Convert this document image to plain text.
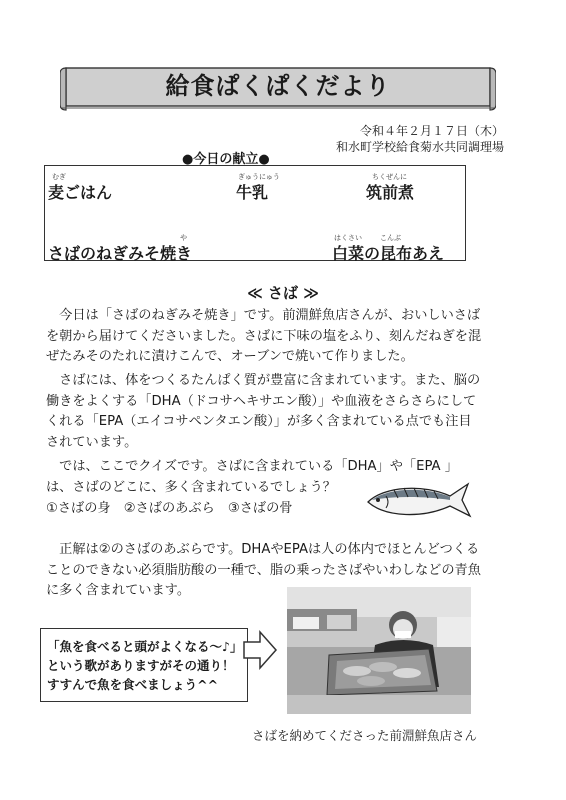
給食ぱくぱくだより
令和４年２月１７日（木）
和水町学校給食菊水共同調理場
●今日の献立●
むぎ
麦ごはん
ぎゅうにゅう
牛乳
ちくぜんに
筑前煮
や
さばのねぎみそ焼き
はくさい	こんぶ
白菜の昆布あえ
≪ さば ≫
　今日は「さばのねぎみそ焼き」です。前淵鮮魚店さんが、おいしいさば
を朝から届けてくださいました。さばに下味の塩をふり、刻んだねぎを混
ぜたみそのたれに漬けこんで、オーブンで焼いて作りました。
　さばには、体をつくるたんぱく質が豊富に含まれています。また、脳の
働きをよくする「DHA（ドコサヘキサエン酸）」や血液をさらさらにして
くれる「EPA（エイコサペンタエン酸）」が多く含まれている点でも注目
されています。
　では、ここでクイズです。さばに含まれている「DHA」や「EPA 」
は、さばのどこに、多く含まれているでしょう？
①さばの身　②さばのあぶら　③さばの骨
　正解は②のさばのあぶらです。DHAやEPAは人の体内でほとんどつくる
ことのできない必須脂肪酸の一種で、脂の乗ったさばやいわしなどの青魚
に多く含まれています。
「魚を食べると頭がよくなる～♪」
という歌がありますがその通り！
すすんで魚を食べましょう^^
さばを納めてくださった前淵鮮魚店さん
